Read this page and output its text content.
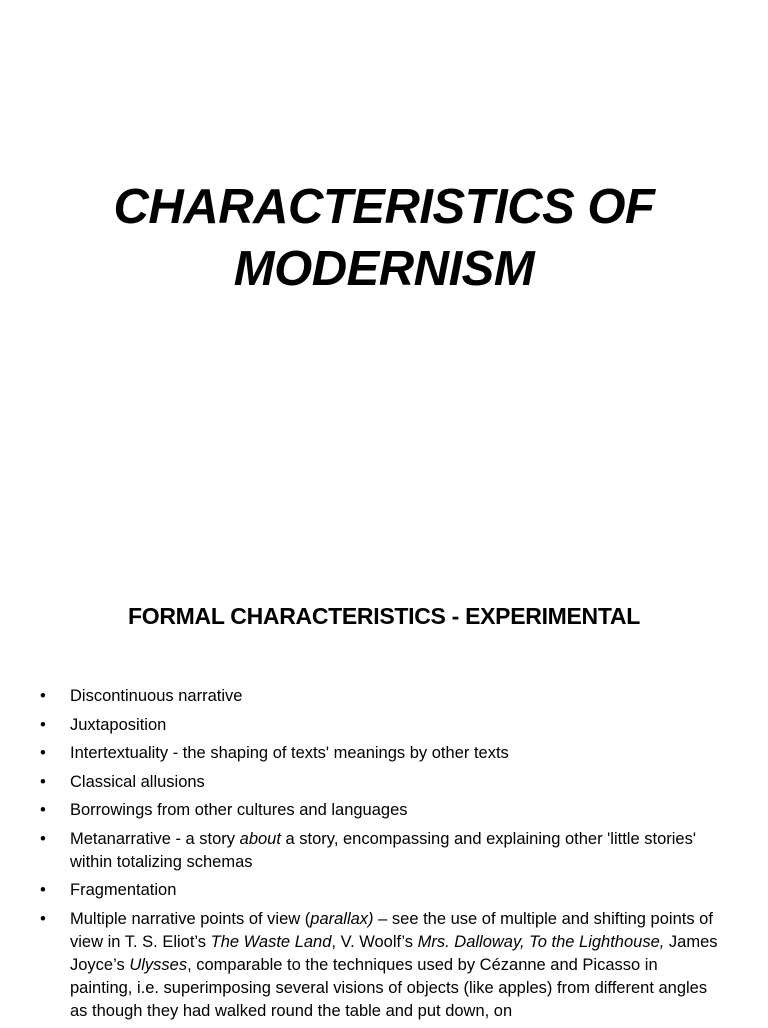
CHARACTERISTICS OF
MODERNISM
FORMAL CHARACTERISTICS - EXPERIMENTAL
• Discontinuous narrative
• Juxtaposition
• Intertextuality - the shaping of texts' meanings by other texts
• Classical allusions
• Borrowings from other cultures and languages
• Metanarrative - a story about a story, encompassing and explaining other 'little stories' within totalizing schemas
• Fragmentation
• Multiple narrative points of view (parallax) – see the use of multiple and shifting points of view in T. S. Eliot’s The Waste Land, V. Woolf’s Mrs. Dalloway, To the Lighthouse, James Joyce’s Ulysses, comparable to the techniques used by Cézanne and Picasso in painting, i.e. superimposing several visions of objects (like apples) from different angles as though they had walked round the table and put down, on
